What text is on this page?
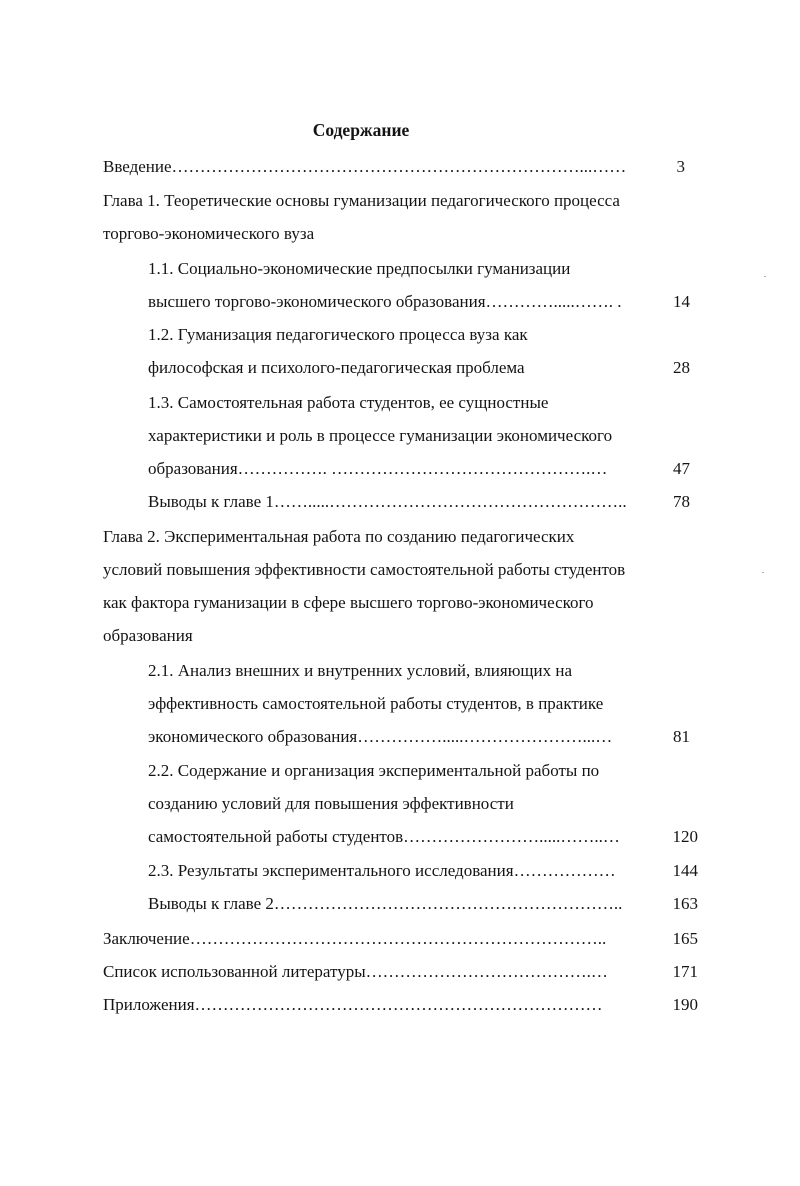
Содержание
Введение………………………………………………………………...……	3
Глава 1. Теоретические основы гуманизации педагогического процесса
торгово-экономического вуза
1.1. Социально-экономические предпосылки гуманизации
высшего торгово-экономического образования………….....……. .	14
1.2. Гуманизация педагогического процесса вуза как
философская и психолого-педагогическая проблема	28
1.3. Самостоятельная работа студентов, ее сущностные
характеристики и роль в процессе гуманизации экономического
образования……………. ……………………………………….…	47
Выводы к главе 1…….....……………………………………………..	78
Глава 2. Экспериментальная работа по созданию педагогических
условий повышения эффективности самостоятельной работы студентов
как фактора гуманизации в сфере высшего торгово-экономического
образования
2.1. Анализ внешних и внутренних условий, влияющих на
эффективность самостоятельной работы студентов, в практике
экономического образования…………….....…………………...…	81
2.2. Содержание и организация экспериментальной работы по
созданию условий для повышения эффективности
самостоятельной работы студентов…………………….....……..…	120
2.3. Результаты экспериментального исследования………………	144
Выводы к главе 2……………………………………………………..	163
Заключение………………………………………………………………..	165
Список использованной литературы………………………………….…	171
Приложения………………………………………………………………	190
